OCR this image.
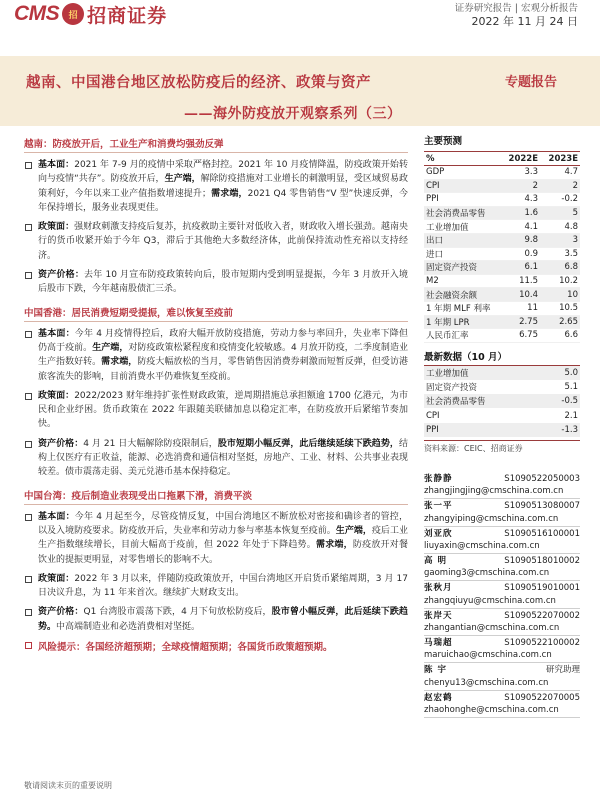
CMS	招 招商证券	证券研究报告 | 宏观分析报告
2022 年 11 月 24 日
越南、中国港台地区放松防疫后的经济、政策与资产
——海外防疫放开观察系列（三）
专题报告
越南：防疫放开后，工业生产和消费均强劲反弹
基本面：2021 年 7-9 月的疫情中采取严格封控。2021 年 10 月疫情降温，防疫政策开始转向与疫情“共存”。防疫放开后，生产端，解除防疫措施对工业增长的刺激明显，受区域贸易政策利好，今年以来工业产值指数增速提升；需求端，2021 Q4 零售销售“V 型”快速反弹，今年保持增长，服务业表现更佳。
政策面：强财政刺激支持疫后复苏，抗疫救助主要针对低收入者，财政收入增长强劲。越南央行的货币收紧开始于今年 Q3，滞后于其他绝大多数经济体，此前保持流动性充裕以支持经济。
资产价格：去年 10 月宣布防疫政策转向后，股市短期内受到明显提振，今年 3 月放开入境后股市下跌，今年越南股债汇三杀。
中国香港：居民消费短期受提振，难以恢复至疫前
基本面：今年 4 月疫情得控后，政府大幅开放防疫措施，劳动力参与率回升，失业率下降但仍高于疫前。生产端，对防疫政策松紧程度和疫情变化较敏感。4 月放开防疫，二季度制造业生产指数好转。需求端，防疫大幅放松的当月，零售销售因消费券刺激而短暂反弹，但受访港旅客流失的影响，目前消费水平仍难恢复至疫前。
政策面：2022/2023 财年维持扩张性财政政策，逆周期措施总承担额逾 1700 亿港元，为市民和企业纾困。货币政策在 2022 年跟随美联储加息以稳定汇率，在防疫放开后紧缩节奏加快。
资产价格：4 月 21 日大幅解除防疫限制后，股市短期小幅反弹，此后继续延续下跌趋势，结构上仅医疗有正收益，能源、必选消费和通信相对坚挺，房地产、工业、材料、公共事业表现较差。债市震荡走弱、美元兑港币基本保持稳定。
中国台湾：疫后制造业表现受出口拖累下滑，消费平淡
基本面：今年 4 月起至今，尽管疫情反复，中国台湾地区不断放松对密接和确诊者的管控，以及入境防疫要求。防疫放开后，失业率和劳动力参与率基本恢复至疫前。生产端，疫后工业生产指数继续增长，目前大幅高于疫前，但 2022 年处于下降趋势。需求端，防疫放开对餐饮业的提振更明显，对零售增长的影响不大。
政策面：2022 年 3 月以来，伴随防疫政策放开，中国台湾地区开启货币紧缩周期，3 月 17 日决议升息，为 11 年来首次。继续扩大财政支出。
资产价格：Q1 台湾股市震荡下跌，4 月下旬放松防疫后，股市曾小幅反弹，此后延续下跌趋势。中高端制造业和必选消费相对坚挺。
风险提示：各国经济超预期；全球疫情超预期；各国货币政策超预期。
主要预测
%	2022E	2023E
GDP	3.3	4.7
CPI	2	2
PPI	4.3	-0.2
社会消费品零售	1.6	5
工业增加值	4.1	4.8
出口	9.8	3
进口	0.9	3.5
固定资产投资	6.1	6.8
M2	11.5	10.2
社会融资余额	10.4	10
1 年期 MLF 利率	11	10.5
1 年期 LPR	2.75	2.65
人民币汇率	6.75	6.6
最新数据（10 月）
工业增加值	5.0
固定资产投资	5.1
社会消费品零售	-0.5
CPI	2.1
PPI	-1.3
资料来源：CEIC、招商证券
张静静	S1090522050003
zhangjingjing@cmschina.com.cn
张一平	S1090513080007
zhangyiping@cmschina.com.cn
刘亚欣	S1090516100001
liuyaxin@cmschina.com.cn
高 明	S1090518010002
gaoming3@cmschina.com.cn
张秋月	S1090519010001
zhangqiuyu@cmschina.com.cn
张岸天	S1090522070002
zhangantian@cmschina.com.cn
马瑞超	S1090522100002
maruichao@cmschina.com.cn
陈 宇	研究助理
chenyu13@cmschina.com.cn
赵宏鹤	S1090522070005
zhaohonghe@cmschina.com.cn
敬请阅读末页的重要说明
